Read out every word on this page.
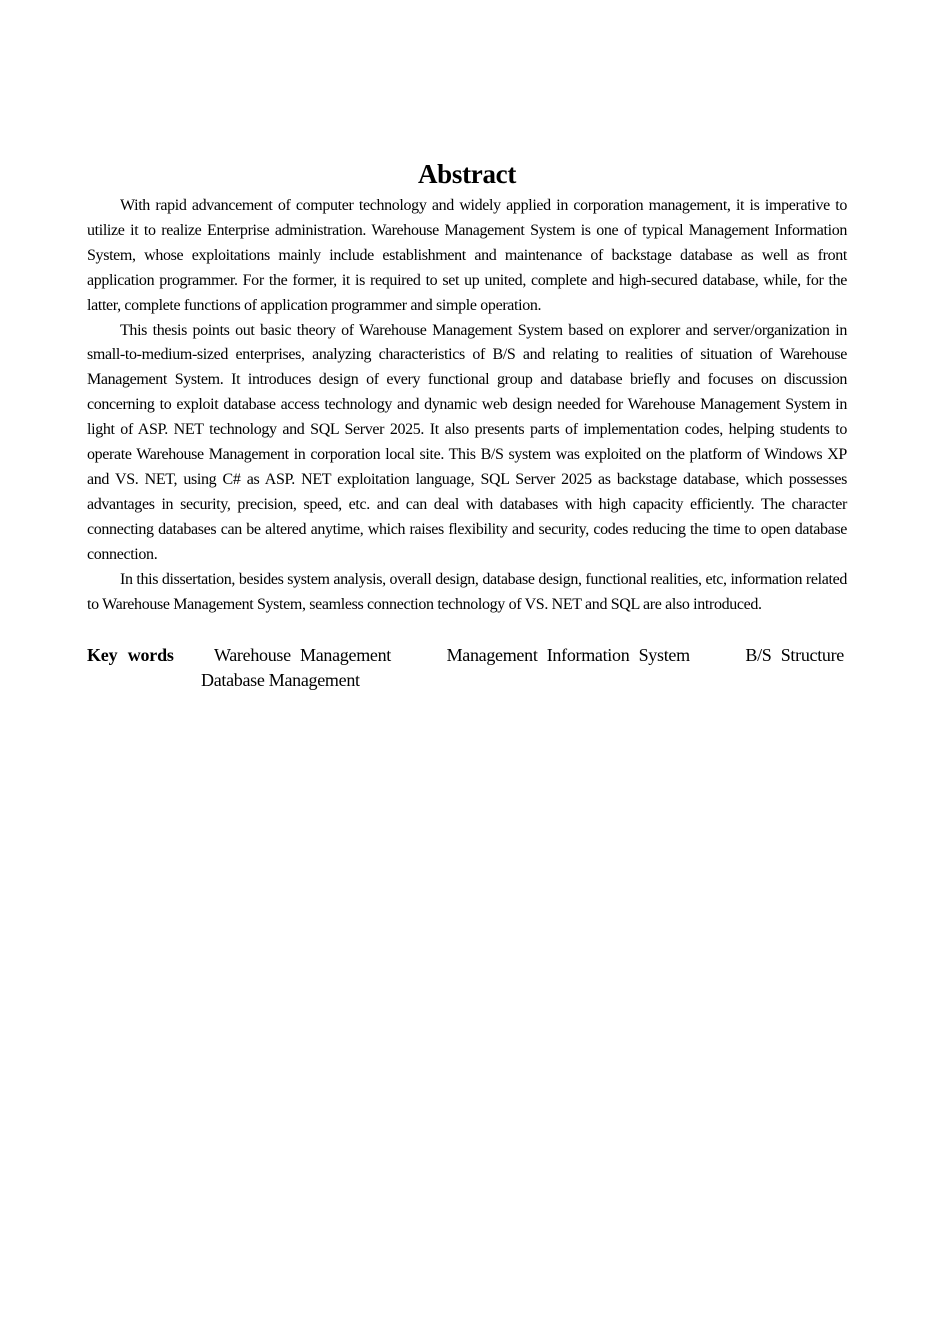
Abstract

With rapid advancement of computer technology and widely applied in corporation management, it is imperative to utilize it to realize Enterprise administration. Warehouse Management System is one of typical Management Information System, whose exploitations mainly include establishment and maintenance of backstage database as well as front application programmer. For the former, it is required to set up united, complete and high-secured database, while, for the latter, complete functions of application programmer and simple operation.

This thesis points out basic theory of Warehouse Management System based on explorer and server/organization in small-to-medium-sized enterprises, analyzing characteristics of B/S and relating to realities of situation of Warehouse Management System. It introduces design of every functional group and database briefly and focuses on discussion concerning to exploit database access technology and dynamic web design needed for Warehouse Management System in light of ASP. NET technology and SQL Server 2025. It also presents parts of implementation codes, helping students to operate Warehouse Management in corporation local site. This B/S system was exploited on the platform of Windows XP and VS. NET, using C# as ASP. NET exploitation language, SQL Server 2025 as backstage database, which possesses advantages in security, precision, speed, etc. and can deal with databases with high capacity efficiently. The character connecting databases can be altered anytime, which raises flexibility and security, codes reducing the time to open database connection.

In this dissertation, besides system analysis, overall design, database design, functional realities, etc, information related to Warehouse Management System, seamless connection technology of VS. NET and SQL are also introduced.

Key words Warehouse Management	Management Information System	B/S Structure
Database Management
